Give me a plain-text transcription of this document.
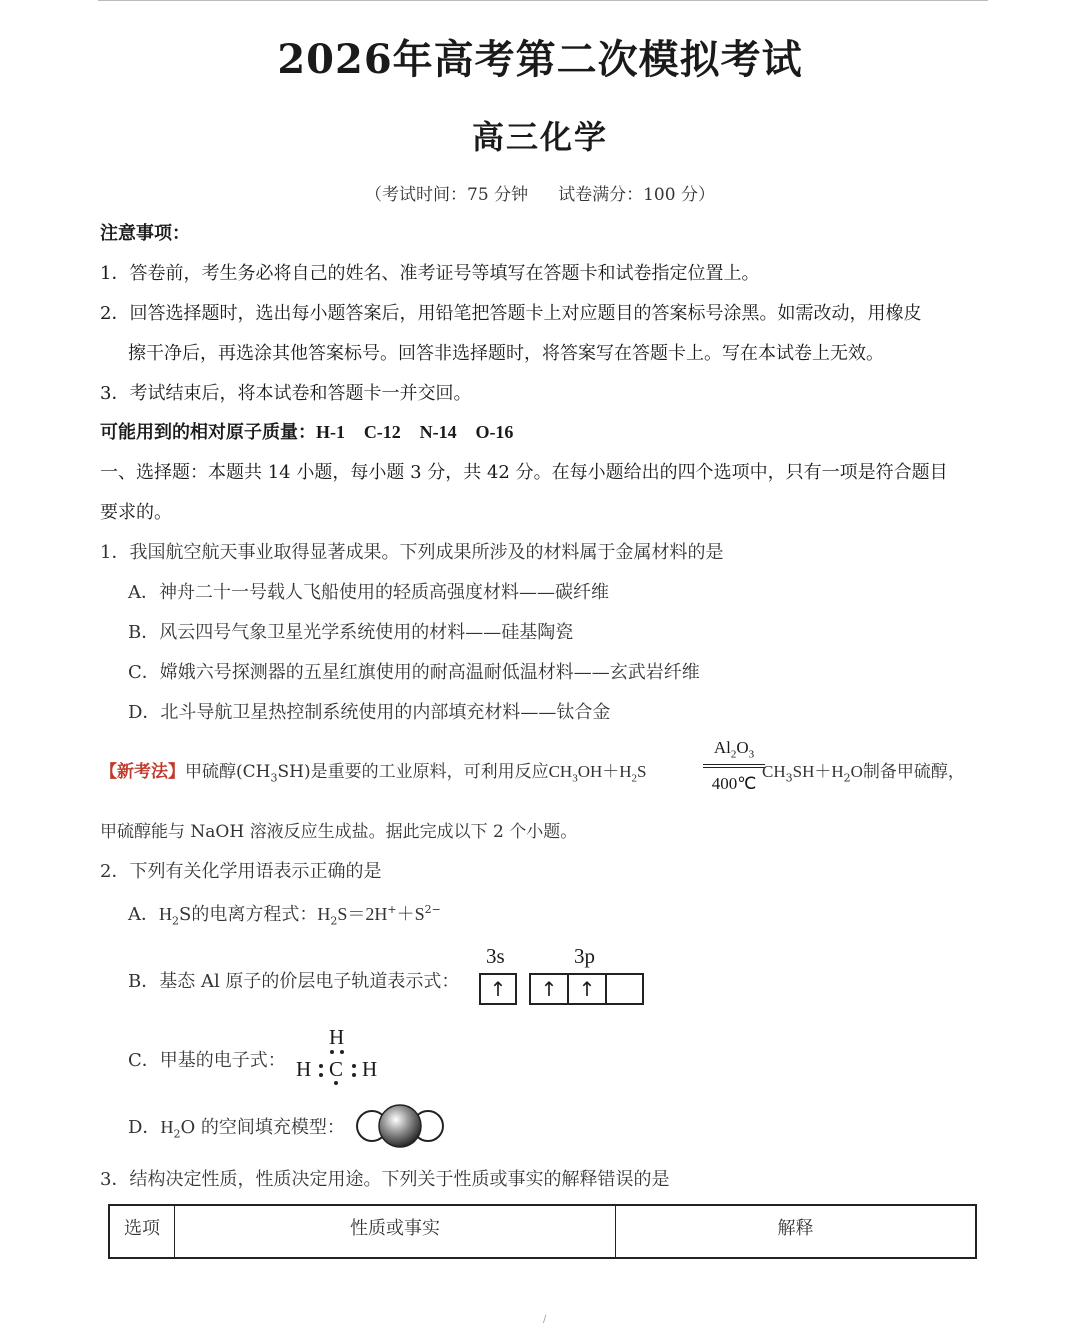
2026年高考第二次模拟考试
高三化学
（考试时间：75 分钟 试卷满分：100 分）
注意事项：
1．答卷前，考生务必将自己的姓名、准考证号等填写在答题卡和试卷指定位置上。
2．回答选择题时，选出每小题答案后，用铅笔把答题卡上对应题目的答案标号涂黑。如需改动，用橡皮
擦干净后，再选涂其他答案标号。回答非选择题时，将答案写在答题卡上。写在本试卷上无效。
3．考试结束后，将本试卷和答题卡一并交回。
可能用到的相对原子质量：H-1 C-12 N-14 O-16
一、选择题：本题共 14 小题，每小题 3 分，共 42 分。在每小题给出的四个选项中，只有一项是符合题目
要求的。
1．我国航空航天事业取得显著成果。下列成果所涉及的材料属于金属材料的是
A．神舟二十一号载人飞船使用的轻质高强度材料——碳纤维
B．风云四号气象卫星光学系统使用的材料——硅基陶瓷
C．嫦娥六号探测器的五星红旗使用的耐高温耐低温材料——玄武岩纤维
D．北斗导航卫星热控制系统使用的内部填充材料——钛合金
【新考法】甲硫醇$(CH_3SH)$是重要的工业原料，可利用反应$CH_3OH+H_2S$
$Al_2O_3$
400℃
$CH_3SH+H_2O$制备甲硫醇，
甲硫醇能与 NaOH 溶液反应生成盐。据此完成以下 2 个小题。
2．下列有关化学用语表示正确的是
A．$H_2S$的电离方程式：$H_2S=2H^++S^{2-}$
B．基态 Al 原子的价层电子轨道表示式：
3s	3p
↑	↑	↑
C．甲基的电子式：
H
H C H
D．$H_2O$ 的空间填充模型：
3．结构决定性质，性质决定用途。下列关于性质或事实的解释错误的是
选项	性质或事实	解释
/
